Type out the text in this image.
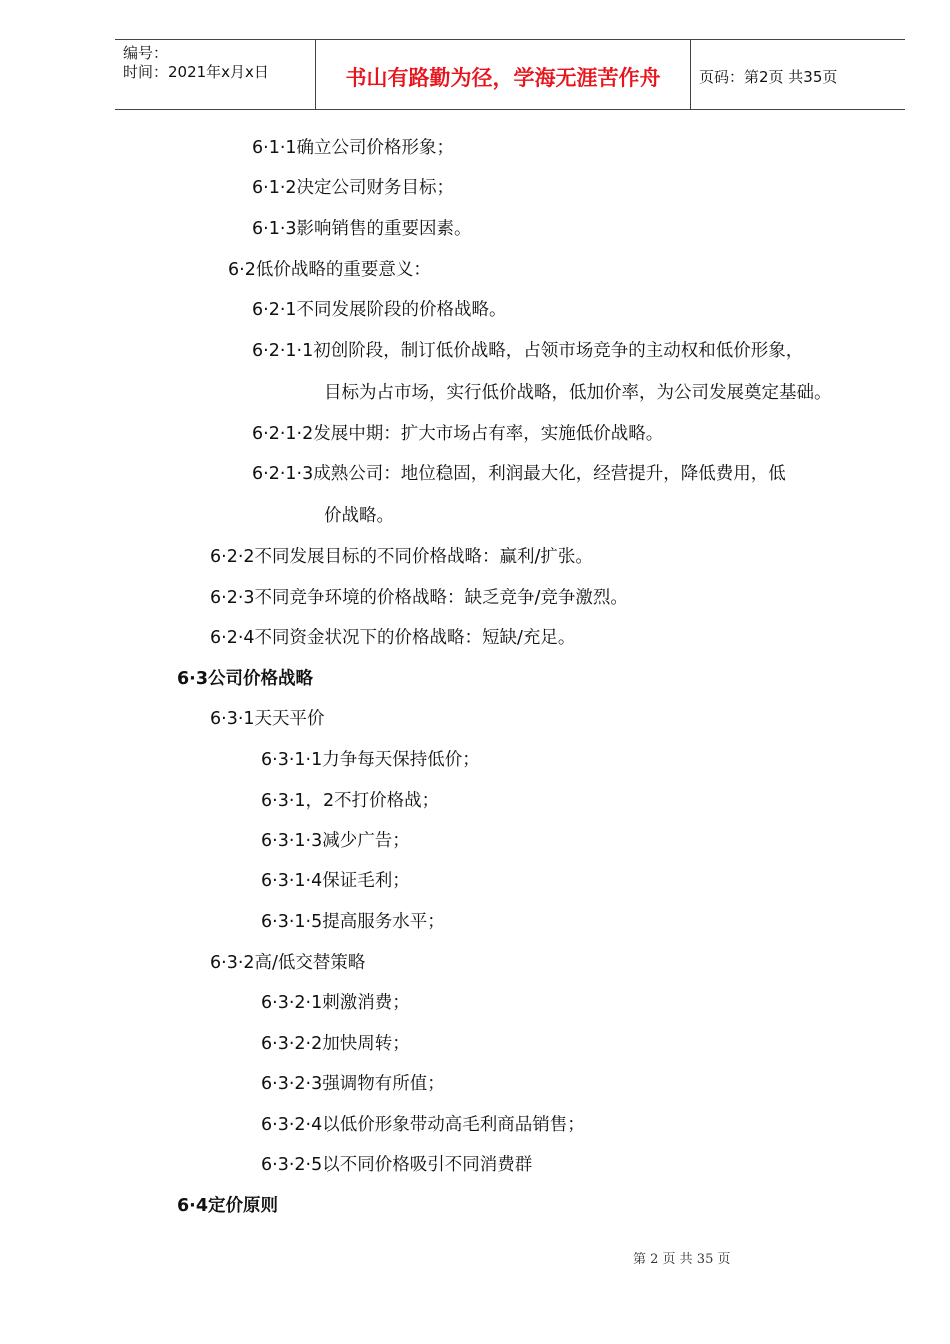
编号：
时间：2021年x月x日	书山有路勤为径，学海无涯苦作舟	页码：第2页 共35页
6·1·1确立公司价格形象；
6·1·2决定公司财务目标；
6·1·3影响销售的重要因素。
6·2低价战略的重要意义：
6·2·1不同发展阶段的价格战略。
6·2·1·1初创阶段，制订低价战略，占领市场竞争的主动权和低价形象，
目标为占市场，实行低价战略，低加价率，为公司发展奠定基础。
6·2·1·2发展中期：扩大市场占有率，实施低价战略。
6·2·1·3成熟公司：地位稳固，利润最大化，经营提升，降低费用，低
价战略。
6·2·2不同发展目标的不同价格战略：赢利/扩张。
6·2·3不同竞争环境的价格战略：缺乏竞争/竞争激烈。
6·2·4不同资金状况下的价格战略：短缺/充足。
6·3公司价格战略
6·3·1天天平价
6·3·1·1力争每天保持低价；
6·3·1，2不打价格战；
6·3·1·3减少广告；
6·3·1·4保证毛利；
6·3·1·5提高服务水平；
6·3·2高/低交替策略
6·3·2·1刺激消费；
6·3·2·2加快周转；
6·3·2·3强调物有所值；
6·3·2·4以低价形象带动高毛利商品销售；
6·3·2·5以不同价格吸引不同消费群
6·4定价原则
第 2 页 共 35 页
